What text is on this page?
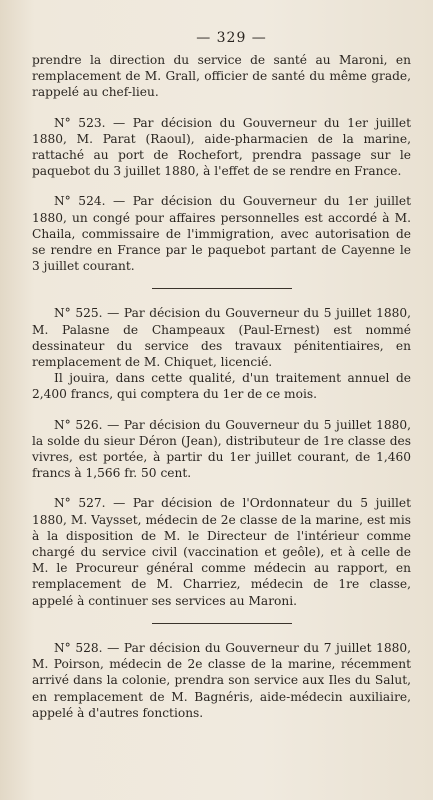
— 329 —

prendre la direction du service de santé au Maroni, en remplacement de M. Grall, officier de santé du même grade, rappelé au chef-lieu.

N° 523. — Par décision du Gouverneur du 1er juillet 1880, M. Parat (Raoul), aide-pharmacien de la marine, rattaché au port de Rochefort, prendra passage sur le paquebot du 3 juillet 1880, à l'effet de se rendre en France.

N° 524. — Par décision du Gouverneur du 1er juillet 1880, un congé pour affaires personnelles est accordé à M. Chaila, commissaire de l'immigration, avec autorisation de se rendre en France par le paquebot partant de Cayenne le 3 juillet courant.

N° 525. — Par décision du Gouverneur du 5 juillet 1880, M. Palasne de Champeaux (Paul-Ernest) est nommé dessinateur du service des travaux pénitentiaires, en remplacement de M. Chiquet, licencié.

Il jouira, dans cette qualité, d'un traitement annuel de 2,400 francs, qui comptera du 1er de ce mois.

N° 526. — Par décision du Gouverneur du 5 juillet 1880, la solde du sieur Déron (Jean), distributeur de 1re classe des vivres, est portée, à partir du 1er juillet courant, de 1,460 francs à 1,566 fr. 50 cent.

N° 527. — Par décision de l'Ordonnateur du 5 juillet 1880, M. Vaysset, médecin de 2e classe de la marine, est mis à la disposition de M. le Directeur de l'intérieur comme chargé du service civil (vaccination et geôle), et à celle de M. le Procureur général comme médecin au rapport, en remplacement de M. Charriez, médecin de 1re classe, appelé à continuer ses services au Maroni.

N° 528. — Par décision du Gouverneur du 7 juillet 1880, M. Poirson, médecin de 2e classe de la marine, récemment arrivé dans la colonie, prendra son service aux Iles du Salut, en remplacement de M. Bagnéris, aide-médecin auxiliaire, appelé à d'autres fonctions.
